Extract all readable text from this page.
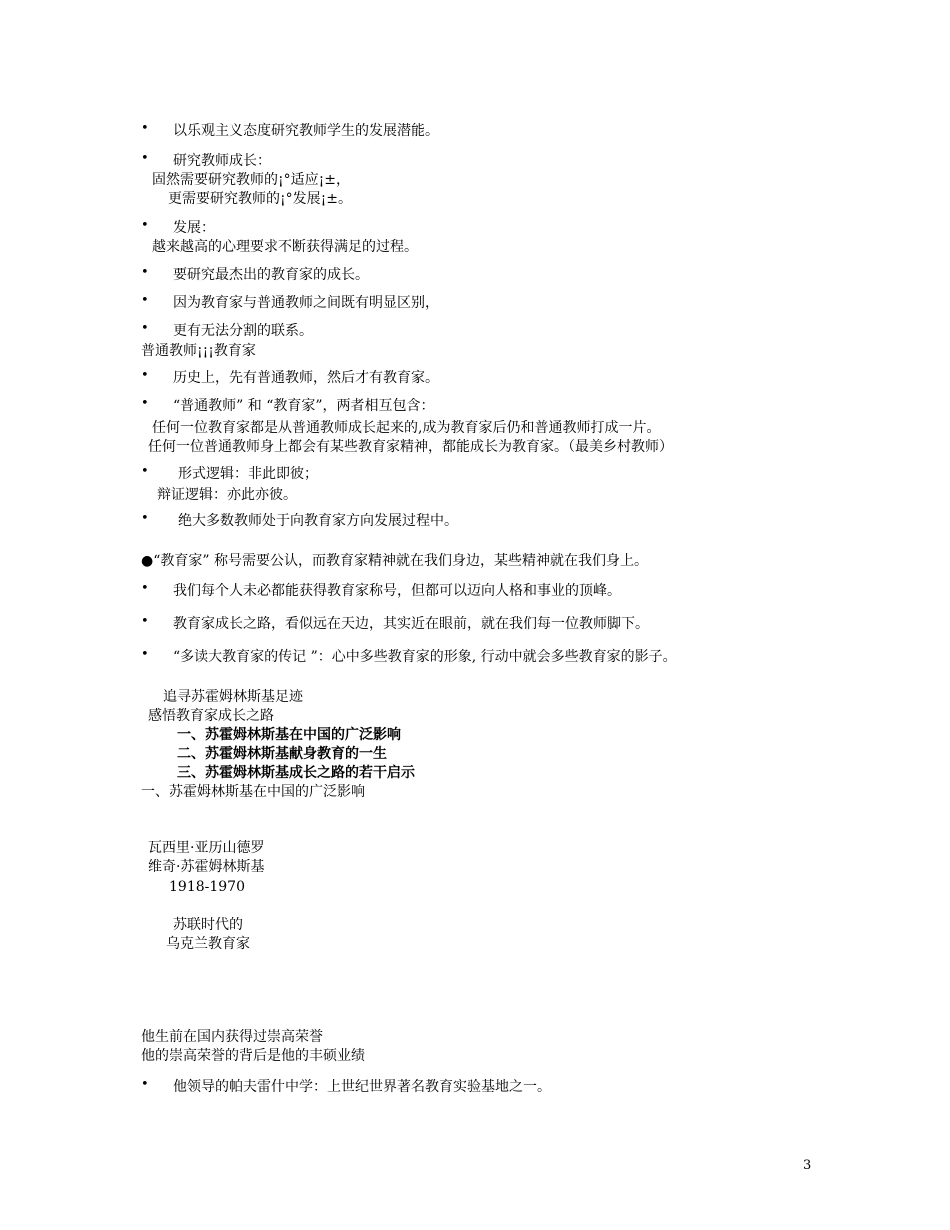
• 以乐观主义态度研究教师学生的发展潜能。
• 研究教师成长：
固然需要研究教师的¡°适应¡±，
更需要研究教师的¡°发展¡±。
• 发展：
越来越高的心理要求不断获得满足的过程。
• 要研究最杰出的教育家的成长。
• 因为教育家与普通教师之间既有明显区别，
• 更有无法分割的联系。
普通教师¡¡¡教育家
• 历史上，先有普通教师，然后才有教育家。
• “普通教师” 和 “教育家”，两者相互包含：
任何一位教育家都是从普通教师成长起来的,成为教育家后仍和普通教师打成一片。
任何一位普通教师身上都会有某些教育家精神，都能成长为教育家。（最美乡村教师）
• 形式逻辑：非此即彼；
辩证逻辑：亦此亦彼。
• 绝大多数教师处于向教育家方向发展过程中。
●“教育家” 称号需要公认，而教育家精神就在我们身边，某些精神就在我们身上。
• 我们每个人未必都能获得教育家称号，但都可以迈向人格和事业的顶峰。
• 教育家成长之路，看似远在天边，其实近在眼前，就在我们每一位教师脚下。
• “多读大教育家的传记 ”：心中多些教育家的形象, 行动中就会多些教育家的影子。
追寻苏霍姆林斯基足迹
感悟教育家成长之路
一、苏霍姆林斯基在中国的广泛影响
二、苏霍姆林斯基献身教育的一生
三、苏霍姆林斯基成长之路的若干启示
一、苏霍姆林斯基在中国的广泛影响
瓦西里·亚历山德罗
维奇·苏霍姆林斯基
1918-1970
苏联时代的
乌克兰教育家
他生前在国内获得过崇高荣誉
他的崇高荣誉的背后是他的丰硕业绩
• 他领导的帕夫雷什中学：上世纪世界著名教育实验基地之一。
3
